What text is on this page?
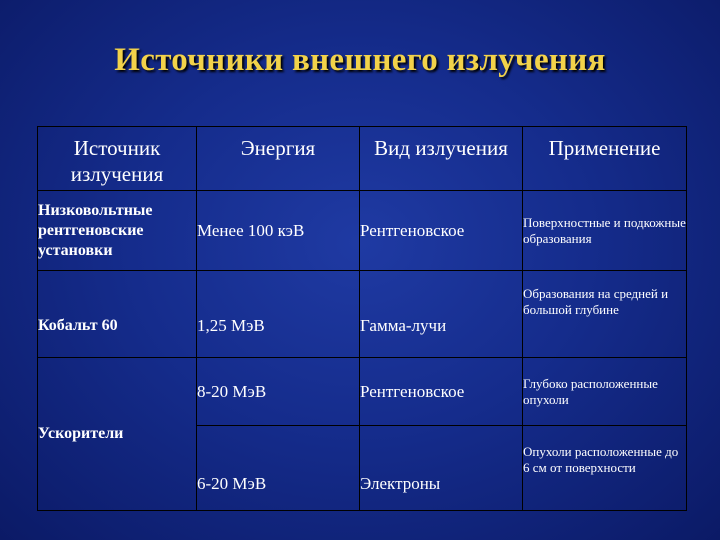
Источники внешнего излучения
Источник излучения	Энергия	Вид излучения	Применение
Низковольтные рентгеновские установки	Менее 100 кэВ	Рентгеновское	Поверхностные и подкожные образования
Кобальт 60	1,25 МэВ	Гамма-лучи	Образования на средней и большой глубине
Ускорители	8-20 МэВ	Рентгеновское	Глубоко расположенные опухоли
	6-20 МэВ	Электроны	Опухоли расположенные до 6 см от поверхности
